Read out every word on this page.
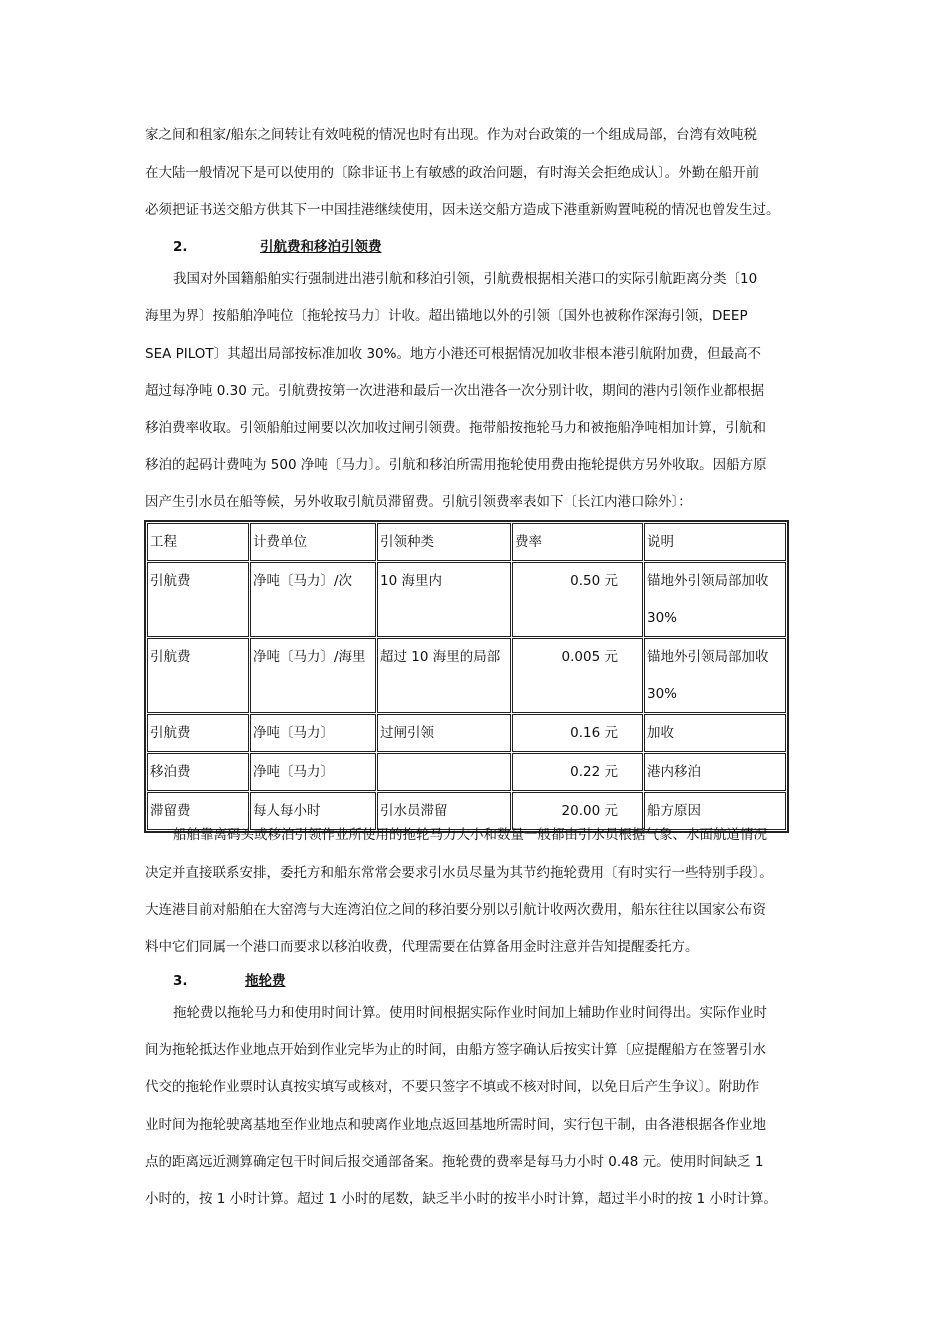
家之间和租家/船东之间转让有效吨税的情况也时有出现。作为对台政策的一个组成局部，台湾有效吨税
在大陆一般情况下是可以使用的〔除非证书上有敏感的政治问题，有时海关会拒绝成认〕。外勤在船开前
必须把证书送交船方供其下一中国挂港继续使用，因未送交船方造成下港重新购置吨税的情况也曾发生过。
2.	引航费和移泊引领费
我国对外国籍船舶实行强制进出港引航和移泊引领，引航费根据相关港口的实际引航距离分类〔10
海里为界〕按船舶净吨位〔拖轮按马力〕计收。超出锚地以外的引领〔国外也被称作深海引领，DEEP
SEA PILOT〕其超出局部按标准加收 30%。地方小港还可根据情况加收非根本港引航附加费，但最高不
超过每净吨 0.30 元。引航费按第一次进港和最后一次出港各一次分别计收，期间的港内引领作业都根据
移泊费率收取。引领船舶过闸要以次加收过闸引领费。拖带船按拖轮马力和被拖船净吨相加计算，引航和
移泊的起码计费吨为 500 净吨〔马力〕。引航和移泊所需用拖轮使用费由拖轮提供方另外收取。因船方原
因产生引水员在船等候，另外收取引航员滞留费。引航引领费率表如下〔长江内港口除外〕：
工程	计费单位	引领种类	费率	说明
引航费	净吨〔马力〕/次	10 海里内	0.50 元	锚地外引领局部加收
30%

引航费	净吨〔马力〕/海里	超过 10 海里的局部	0.005 元	锚地外引领局部加收
30%

引航费	净吨〔马力〕	过闸引领	0.16 元	加收
移泊费	净吨〔马力〕		0.22 元	港内移泊
滞留费	每人每小时	引水员滞留	20.00 元	船方原因
船舶靠离码头或移泊引领作业所使用的拖轮马力大小和数量一般都由引水员根据气象、水面航道情况
决定并直接联系安排，委托方和船东常常会要求引水员尽量为其节约拖轮费用〔有时实行一些特别手段〕。
大连港目前对船舶在大窑湾与大连湾泊位之间的移泊要分别以引航计收两次费用，船东往往以国家公布资
料中它们同属一个港口而要求以移泊收费，代理需要在估算备用金时注意并告知提醒委托方。
3.	拖轮费
拖轮费以拖轮马力和使用时间计算。使用时间根据实际作业时间加上辅助作业时间得出。实际作业时
间为拖轮抵达作业地点开始到作业完毕为止的时间，由船方签字确认后按实计算〔应提醒船方在签署引水
代交的拖轮作业票时认真按实填写或核对，不要只签字不填或不核对时间，以免日后产生争议〕。附助作
业时间为拖轮驶离基地至作业地点和驶离作业地点返回基地所需时间，实行包干制，由各港根据各作业地
点的距离远近测算确定包干时间后报交通部备案。拖轮费的费率是每马力小时 0.48 元。使用时间缺乏 1
小时的，按 1 小时计算。超过 1 小时的尾数，缺乏半小时的按半小时计算，超过半小时的按 1 小时计算。
